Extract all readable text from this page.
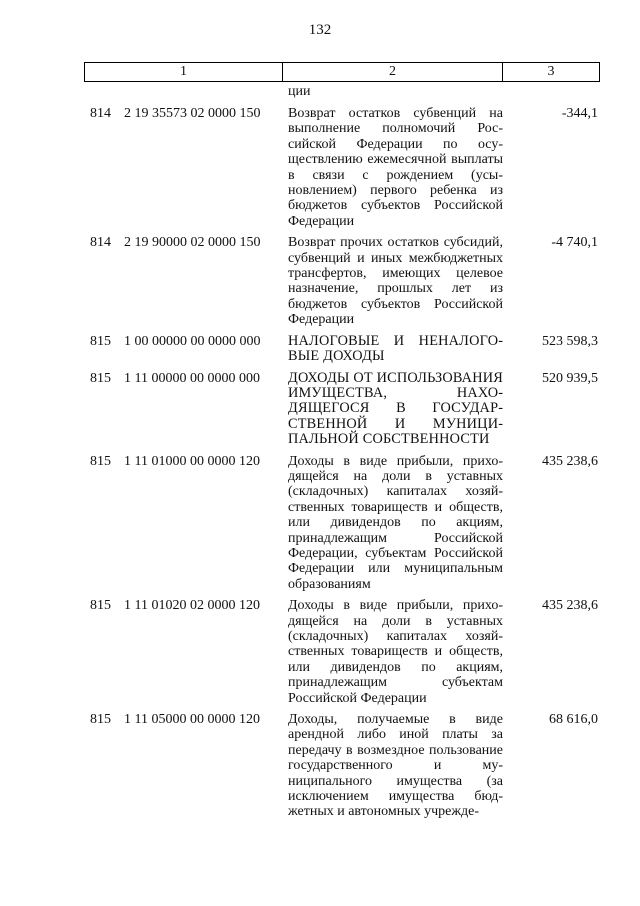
132
1	2	3
ции
814 2 19 35573 02 0000 150	Возврат остатков субвенций на выполнение полномочий Российской Федерации по осуществлению ежемесячной выплаты в связи с рождением (усыновлением) первого ребенка из бюджетов субъектов Российской Федерации
-344,1
814 2 19 90000 02 0000 150	Возврат прочих остатков субсидий, субвенций и иных межбюджетных трансфертов, имеющих целевое назначение, прошлых лет из бюджетов субъектов Российской Федерации
-4 740,1
815 1 00 00000 00 0000 000	НАЛОГОВЫЕ И НЕНАЛОГОВЫЕ ДОХОДЫ
523 598,3
815 1 11 00000 00 0000 000	ДОХОДЫ ОТ ИСПОЛЬЗОВАНИЯ ИМУЩЕСТВА, НАХОДЯЩЕГОСЯ В ГОСУДАРСТВЕННОЙ И МУНИЦИПАЛЬНОЙ СОБСТВЕННОСТИ
520 939,5
815 1 11 01000 00 0000 120	Доходы в виде прибыли, приходящейся на доли в уставных (складочных) капиталах хозяйственных товариществ и обществ, или дивидендов по акциям, принадлежащим Российской Федерации, субъектам Российской Федерации или муниципальным образованиям
435 238,6
815 1 11 01020 02 0000 120	Доходы в виде прибыли, приходящейся на доли в уставных (складочных) капиталах хозяйственных товариществ и обществ, или дивидендов по акциям, принадлежащим субъектам Российской Федерации
435 238,6
815 1 11 05000 00 0000 120	Доходы, получаемые в виде арендной либо иной платы за передачу в возмездное пользование государственного и муниципального имущества (за исключением имущества бюджетных и автономных учрежде-
68 616,0
